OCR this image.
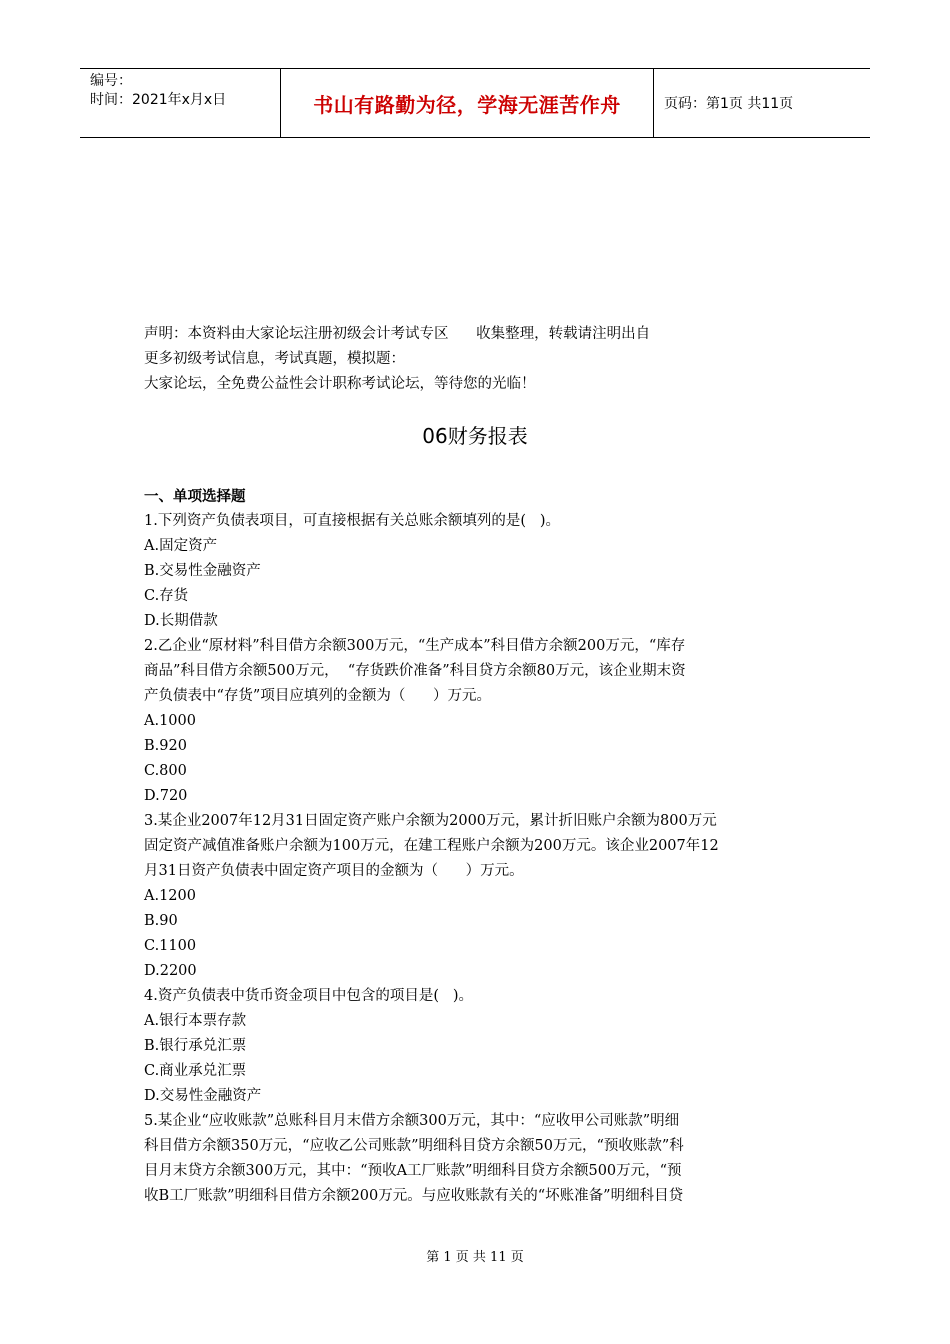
编号：
时间：2021年x月x日	书山有路勤为径，学海无涯苦作舟	页码：第1页 共11页
声明：本资料由大家论坛注册初级会计考试专区      收集整理，转载请注明出自
更多初级考试信息，考试真题，模拟题：
大家论坛，全免费公益性会计职称考试论坛，等待您的光临！
06财务报表
一、单项选择题
1.下列资产负债表项目，可直接根据有关总账余额填列的是(   )。
A.固定资产
B.交易性金融资产
C.存货
D.长期借款
2.乙企业“原材料”科目借方余额300万元，“生产成本”科目借方余额200万元，“库存
商品”科目借方余额500万元，  “存货跌价准备”科目贷方余额80万元，该企业期末资
产负债表中“存货”项目应填列的金额为（      ）万元。
A.1000
B.920
C.800
D.720
3.某企业2007年12月31日固定资产账户余额为2000万元，累计折旧账户余额为800万元
固定资产减值准备账户余额为100万元，在建工程账户余额为200万元。该企业2007年12
月31日资产负债表中固定资产项目的金额为（      ）万元。
A.1200
B.90
C.1100
D.2200
4.资产负债表中货币资金项目中包含的项目是(   )。
A.银行本票存款
B.银行承兑汇票
C.商业承兑汇票
D.交易性金融资产
5.某企业“应收账款”总账科目月末借方余额300万元，其中：“应收甲公司账款”明细
科目借方余额350万元，“应收乙公司账款”明细科目贷方余额50万元，“预收账款”科
目月末贷方余额300万元，其中：“预收A工厂账款”明细科目贷方余额500万元，“预
收B工厂账款”明细科目借方余额200万元。与应收账款有关的“坏账准备”明细科目贷
第 1 页 共 11 页
